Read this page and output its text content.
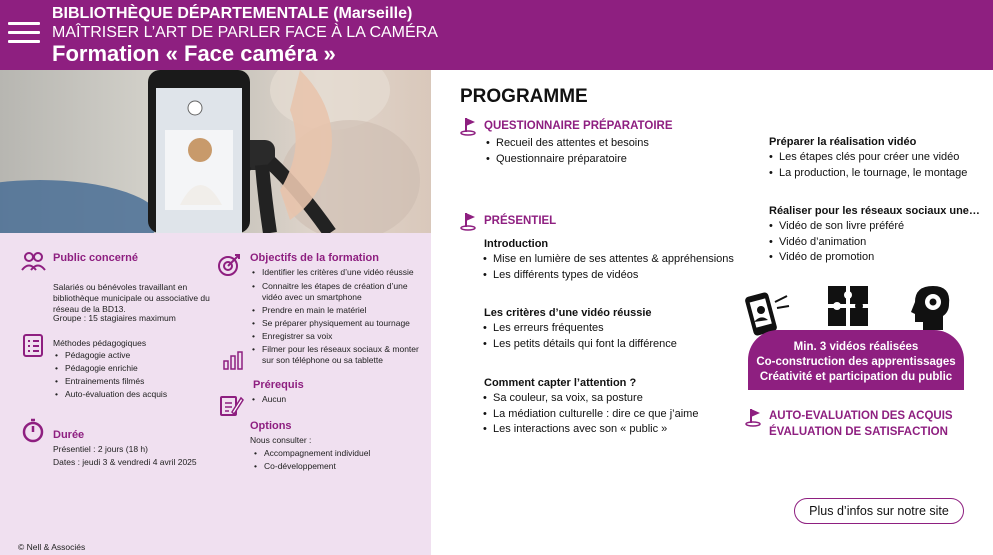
BIBLIOTHÈQUE DÉPARTEMENTALE (Marseille)
MAÎTRISER L’ART DE PARLER FACE À LA CAMÉRA
Formation « Face caméra »
Public concerné
Salariés ou bénévoles travaillant en bibliothèque municipale ou associative du réseau de la BD13.
Groupe : 15 stagiaires maximum
Méthodes pédagogiques
• Pédagogie active
• Pédagogie enrichie
• Entrainements filmés
• Auto-évaluation des acquis
Durée
Présentiel : 2 jours (18 h)
Dates : jeudi 3 & vendredi 4 avril 2025
Objectifs de la formation
• Identifier les critères d’une vidéo réussie
• Connaitre les étapes de création d’une vidéo avec un smartphone
• Prendre en main le matériel
• Se préparer physiquement au tournage
• Enregistrer sa voix
• Filmer pour les réseaux sociaux & monter sur son téléphone ou sa tablette
Prérequis
• Aucun
Options
Nous consulter :
• Accompagnement individuel
• Co-développement
© Nell & Associés
PROGRAMME
QUESTIONNAIRE PRÉPARATOIRE
• Recueil des attentes et besoins
• Questionnaire préparatoire
PRÉSENTIEL
Introduction
• Mise en lumière de ses attentes & appréhensions
• Les différents types de vidéos
Les critères d’une vidéo réussie
• Les erreurs fréquentes
• Les petits détails qui font la différence
Comment capter l’attention ?
• Sa couleur, sa voix, sa posture
• La médiation culturelle : dire ce que j’aime
• Les interactions avec son « public »
Préparer la réalisation vidéo
• Les étapes clés pour créer une vidéo
• La production, le tournage, le montage
Réaliser pour les réseaux sociaux une…
• Vidéo de son livre préféré
• Vidéo d’animation
• Vidéo de promotion
Min. 3 vidéos réalisées
Co-construction des apprentissages
Créativité et participation du public
AUTO-EVALUATION DES ACQUIS
ÉVALUATION DE SATISFACTION
Plus d’infos sur notre site
